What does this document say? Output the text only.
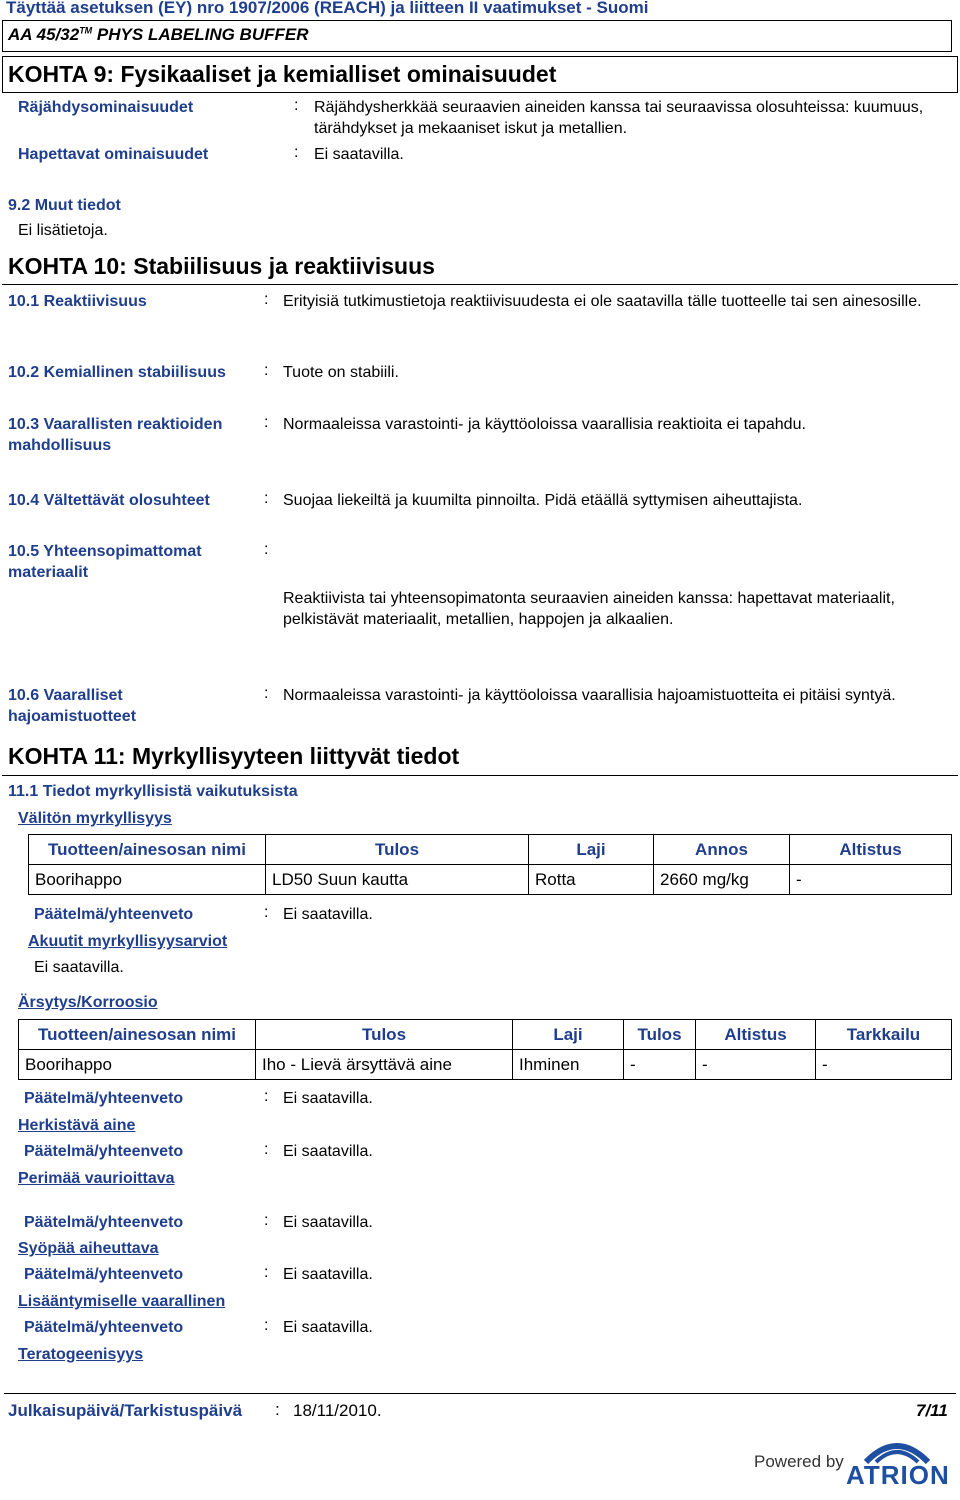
Täyttää asetuksen (EY) nro 1907/2006 (REACH) ja liitteen II vaatimukset - Suomi
AA 45/32™ PHYS LABELING BUFFER
KOHTA 9: Fysikaaliset ja kemialliset ominaisuudet
Räjähdysominaisuudet	: Räjähdysherkkää seuraavien aineiden kanssa tai seuraavissa olosuhteissa: kuumuus, tärähdykset ja mekaaniset iskut ja metallien.
Hapettavat ominaisuudet	: Ei saatavilla.
9.2 Muut tiedot
Ei lisätietoja.
KOHTA 10: Stabiilisuus ja reaktiivisuus
10.1 Reaktiivisuus	: Erityisiä tutkimustietoja reaktiivisuudesta ei ole saatavilla tälle tuotteelle tai sen ainesosille.
10.2 Kemiallinen stabiilisuus : Tuote on stabiili.
10.3 Vaarallisten reaktioiden mahdollisuus
: Normaaleissa varastointi- ja käyttöoloissa vaarallisia reaktioita ei tapahdu.
10.4 Vältettävät olosuhteet	: Suojaa liekeiltä ja kuumilta pinnoilta. Pidä etäällä syttymisen aiheuttajista.
10.5 Yhteensopimattomat materiaalit
:
Reaktiivista tai yhteensopimatonta seuraavien aineiden kanssa: hapettavat materiaalit, pelkistävät materiaalit, metallien, happojen ja alkaalien.
10.6 Vaaralliset hajoamistuotteet
: Normaaleissa varastointi- ja käyttöoloissa vaarallisia hajoamistuotteita ei pitäisi syntyä.
KOHTA 11: Myrkyllisyyteen liittyvät tiedot
11.1 Tiedot myrkyllisistä vaikutuksista
Välitön myrkyllisyys
Tuotteen/ainesosan nimi	Tulos	Laji	Annos	Altistus
Boorihappo	LD50 Suun kautta	Rotta	2660 mg/kg	-
Päätelmä/yhteenveto	: Ei saatavilla.
Akuutit myrkyllisyysarviot
Ei saatavilla.
Ärsytys/Korroosio
Tuotteen/ainesosan nimi	Tulos	Laji	Tulos	Altistus	Tarkkailu
Boorihappo	Iho - Lievä ärsyttävä aine	Ihminen	-	-	-
Päätelmä/yhteenveto	: Ei saatavilla.
Herkistävä aine
Päätelmä/yhteenveto	: Ei saatavilla.
Perimää vaurioittava
Päätelmä/yhteenveto	: Ei saatavilla.
Syöpää aiheuttava
Päätelmä/yhteenveto	: Ei saatavilla.
Lisääntymiselle vaarallinen
Päätelmä/yhteenveto	: Ei saatavilla.
Teratogeenisyys
Julkaisupäivä/Tarkistuspäivä : 18/11/2010.	7/11
Powered by ATRION
